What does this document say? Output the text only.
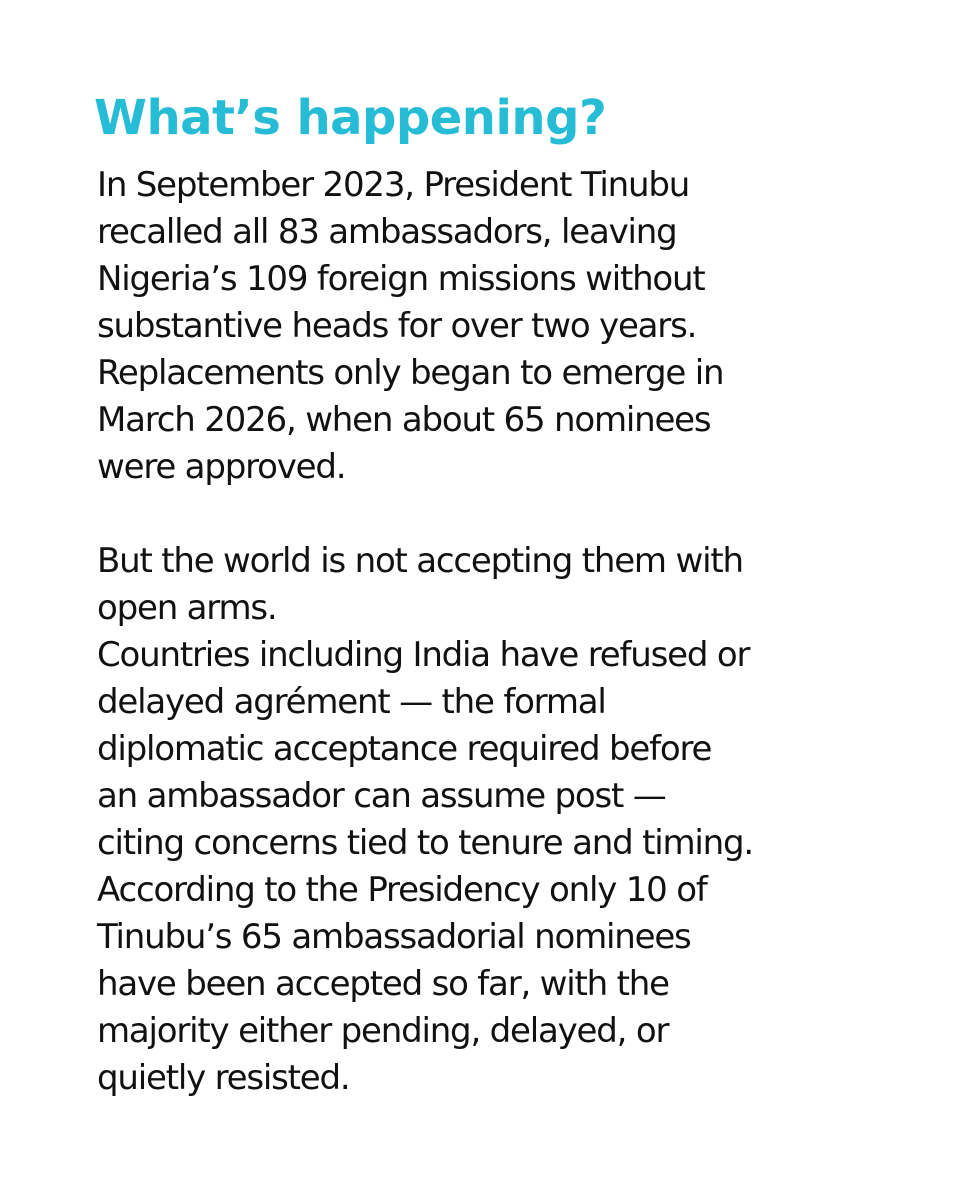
What’s happening?
In September 2023, President Tinubu
recalled all 83 ambassadors, leaving
Nigeria’s 109 foreign missions without
substantive heads for over two years.
Replacements only began to emerge in
March 2026, when about 65 nominees
were approved.
But the world is not accepting them with
open arms.
Countries including India have refused or
delayed agrément — the formal
diplomatic acceptance required before
an ambassador can assume post —
citing concerns tied to tenure and timing.
According to the Presidency only 10 of
Tinubu’s 65 ambassadorial nominees
have been accepted so far, with the
majority either pending, delayed, or
quietly resisted.
